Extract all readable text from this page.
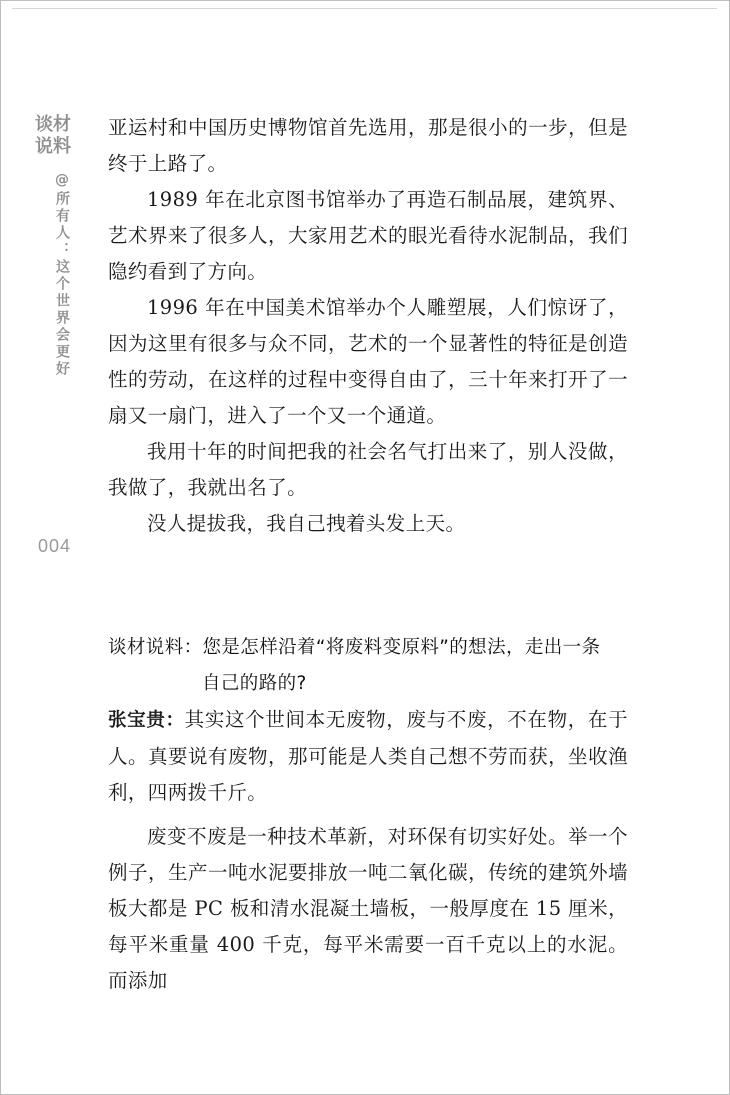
谈材
说料
@所有人：这个世界会更好
004

亚运村和中国历史博物馆首先选用，那是很小的一步，但是终于上路了。

1989 年在北京图书馆举办了再造石制品展，建筑界、艺术界来了很多人，大家用艺术的眼光看待水泥制品，我们隐约看到了方向。

1996 年在中国美术馆举办个人雕塑展，人们惊讶了，因为这里有很多与众不同，艺术的一个显著性的特征是创造性的劳动，在这样的过程中变得自由了，三十年来打开了一扇又一扇门，进入了一个又一个通道。

我用十年的时间把我的社会名气打出来了，别人没做，我做了，我就出名了。

没人提拔我，我自己拽着头发上天。

谈材说料：您是怎样沿着“将废料变原料”的想法，走出一条
自己的路的?

张宝贵：其实这个世间本无废物，废与不废，不在物，在于人。真要说有废物，那可能是人类自己想不劳而获，坐收渔利，四两拨千斤。

废变不废是一种技术革新，对环保有切实好处。举一个例子，生产一吨水泥要排放一吨二氧化碳，传统的建筑外墙板大都是 PC 板和清水混凝土墙板，一般厚度在 15 厘米，每平米重量 400 千克，每平米需要一百千克以上的水泥。而添加
